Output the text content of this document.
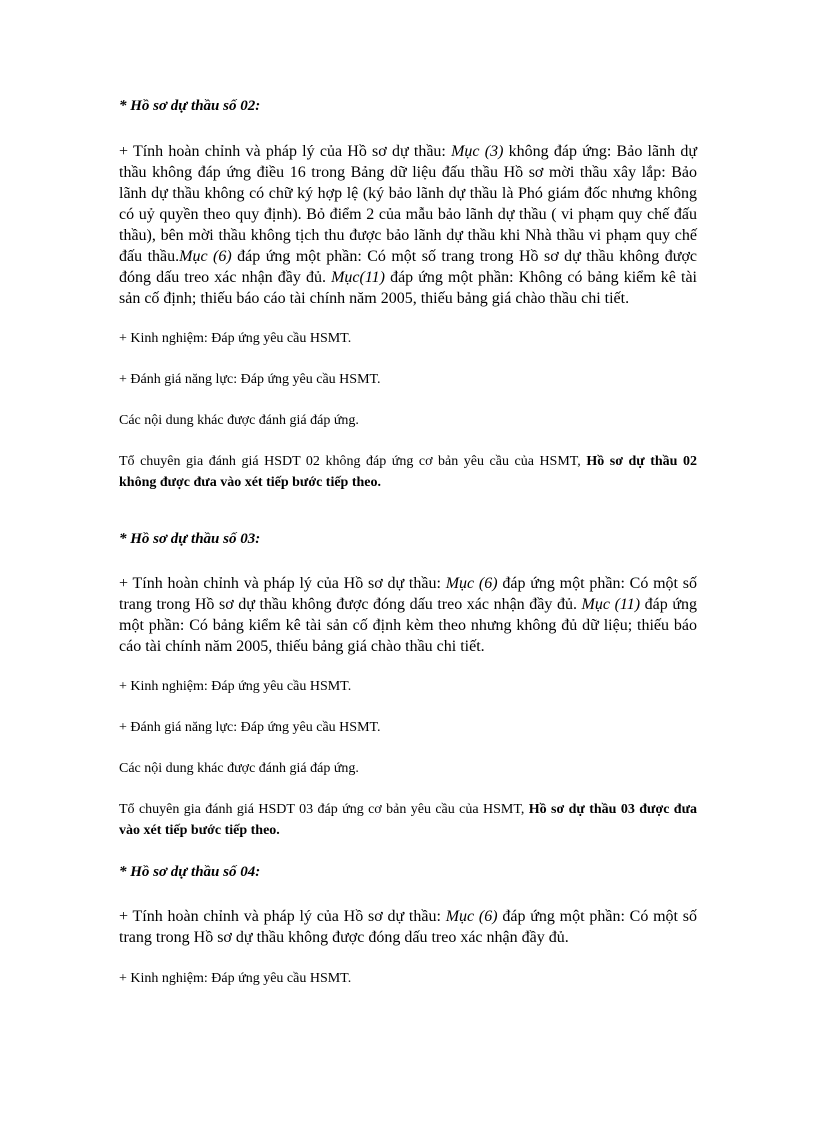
* Hồ sơ dự thầu số 02:

+ Tính hoàn chỉnh và pháp lý của Hồ sơ dự thầu: Mục (3) không đáp ứng: Bảo lãnh dự thầu không đáp ứng điều 16 trong Bảng dữ liệu đấu thầu Hồ sơ mời thầu xây lắp: Bảo lãnh dự thầu không có chữ ký hợp lệ (ký bảo lãnh dự thầu là Phó giám đốc nhưng không có uỷ quyền theo quy định). Bỏ điểm 2 của mẫu bảo lãnh dự thầu ( vi phạm quy chế đấu thầu), bên mời thầu không tịch thu được bảo lãnh dự thầu khi Nhà thầu vi phạm quy chế đấu thầu.Mục (6) đáp ứng một phần: Có một số trang trong Hồ sơ dự thầu không được đóng dấu treo xác nhận đầy đủ. Mục(11) đáp ứng một phần: Không có bảng kiểm kê tài sản cố định; thiếu báo cáo tài chính năm 2005, thiếu bảng giá chào thầu chi tiết.

+ Kinh nghiệm: Đáp ứng yêu cầu HSMT.

+ Đánh giá năng lực: Đáp ứng yêu cầu HSMT.

Các nội dung khác được đánh giá đáp ứng.

Tổ chuyên gia đánh giá HSDT 02 không đáp ứng cơ bản yêu cầu của HSMT, Hồ sơ dự thầu 02 không được đưa vào xét tiếp bước tiếp theo.

* Hồ sơ dự thầu số 03:

+ Tính hoàn chỉnh và pháp lý của Hồ sơ dự thầu: Mục (6) đáp ứng một phần: Có một số trang trong Hồ sơ dự thầu không được đóng dấu treo xác nhận đầy đủ. Mục (11) đáp ứng một phần: Có bảng kiểm kê tài sản cố định kèm theo nhưng không đủ dữ liệu; thiếu báo cáo tài chính năm 2005, thiếu bảng giá chào thầu chi tiết.

+ Kinh nghiệm: Đáp ứng yêu cầu HSMT.

+ Đánh giá năng lực: Đáp ứng yêu cầu HSMT.

Các nội dung khác được đánh giá đáp ứng.

Tổ chuyên gia đánh giá HSDT 03 đáp ứng cơ bản yêu cầu của HSMT, Hồ sơ dự thầu 03 được đưa vào xét tiếp bước tiếp theo.

* Hồ sơ dự thầu số 04:

+ Tính hoàn chỉnh và pháp lý của Hồ sơ dự thầu: Mục (6) đáp ứng một phần: Có một số trang trong Hồ sơ dự thầu không được đóng dấu treo xác nhận đầy đủ.

+ Kinh nghiệm: Đáp ứng yêu cầu HSMT.
